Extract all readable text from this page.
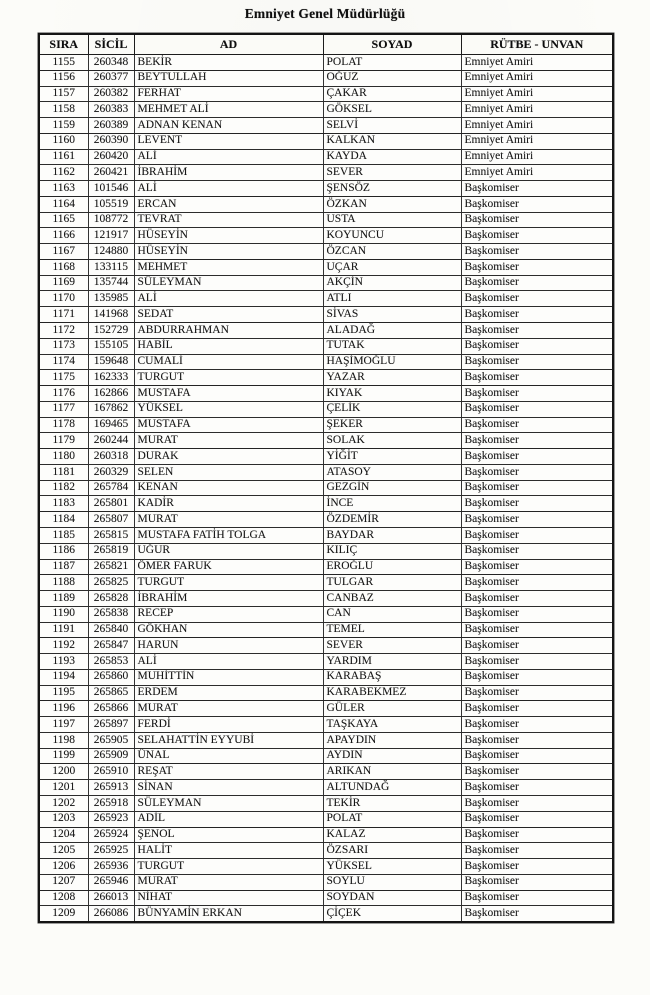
Emniyet Genel Müdürlüğü
SIRA	SİCİL	AD	SOYAD	RÜTBE - UNVAN
1155	260348	BEKİR	POLAT	Emniyet Amiri
1156	260377	BEYTULLAH	OĞUZ	Emniyet Amiri
1157	260382	FERHAT	ÇAKAR	Emniyet Amiri
1158	260383	MEHMET ALİ	GÖKSEL	Emniyet Amiri
1159	260389	ADNAN KENAN	SELVİ	Emniyet Amiri
1160	260390	LEVENT	KALKAN	Emniyet Amiri
1161	260420	ALİ	KAYDA	Emniyet Amiri
1162	260421	İBRAHİM	SEVER	Emniyet Amiri
1163	101546	ALİ	ŞENSÖZ	Başkomiser
1164	105519	ERCAN	ÖZKAN	Başkomiser
1165	108772	TEVRAT	USTA	Başkomiser
1166	121917	HÜSEYİN	KOYUNCU	Başkomiser
1167	124880	HÜSEYİN	ÖZCAN	Başkomiser
1168	133115	MEHMET	UÇAR	Başkomiser
1169	135744	SÜLEYMAN	AKÇİN	Başkomiser
1170	135985	ALİ	ATLI	Başkomiser
1171	141968	SEDAT	SİVAS	Başkomiser
1172	152729	ABDURRAHMAN	ALADAĞ	Başkomiser
1173	155105	HABİL	TUTAK	Başkomiser
1174	159648	CUMALİ	HAŞİMOĞLU	Başkomiser
1175	162333	TURGUT	YAZAR	Başkomiser
1176	162866	MUSTAFA	KIYAK	Başkomiser
1177	167862	YÜKSEL	ÇELİK	Başkomiser
1178	169465	MUSTAFA	ŞEKER	Başkomiser
1179	260244	MURAT	SOLAK	Başkomiser
1180	260318	DURAK	YİĞİT	Başkomiser
1181	260329	SELEN	ATASOY	Başkomiser
1182	265784	KENAN	GEZGİN	Başkomiser
1183	265801	KADİR	İNCE	Başkomiser
1184	265807	MURAT	ÖZDEMİR	Başkomiser
1185	265815	MUSTAFA FATİH TOLGA	BAYDAR	Başkomiser
1186	265819	UĞUR	KILIÇ	Başkomiser
1187	265821	ÖMER FARUK	EROĞLU	Başkomiser
1188	265825	TURGUT	TULGAR	Başkomiser
1189	265828	İBRAHİM	CANBAZ	Başkomiser
1190	265838	RECEP	CAN	Başkomiser
1191	265840	GÖKHAN	TEMEL	Başkomiser
1192	265847	HARUN	SEVER	Başkomiser
1193	265853	ALİ	YARDIM	Başkomiser
1194	265860	MUHİTTİN	KARABAŞ	Başkomiser
1195	265865	ERDEM	KARABEKMEZ	Başkomiser
1196	265866	MURAT	GÜLER	Başkomiser
1197	265897	FERDİ	TAŞKAYA	Başkomiser
1198	265905	SELAHATTİN EYYUBİ	APAYDIN	Başkomiser
1199	265909	ÜNAL	AYDIN	Başkomiser
1200	265910	REŞAT	ARIKAN	Başkomiser
1201	265913	SİNAN	ALTUNDAĞ	Başkomiser
1202	265918	SÜLEYMAN	TEKİR	Başkomiser
1203	265923	ADİL	POLAT	Başkomiser
1204	265924	ŞENOL	KALAZ	Başkomiser
1205	265925	HALİT	ÖZSARI	Başkomiser
1206	265936	TURGUT	YÜKSEL	Başkomiser
1207	265946	MURAT	SOYLU	Başkomiser
1208	266013	NİHAT	SOYDAN	Başkomiser
1209	266086	BÜNYAMİN ERKAN	ÇİÇEK	Başkomiser
